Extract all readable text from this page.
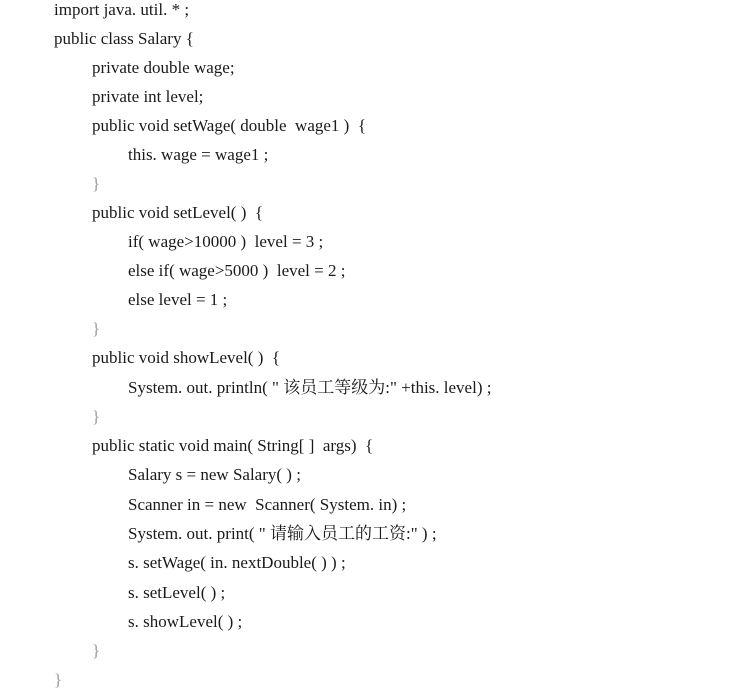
import java. util. * ;
public class Salary {
private double wage;
private int level;
public void setWage( double  wage1 )  {
this. wage = wage1 ;
}
public void setLevel( )  {
if( wage>10000 )  level = 3 ;
else if( wage>5000 )  level = 2 ;
else level = 1 ;
}
public void showLevel( )  {
System. out. println( " 该员工等级为:" +this. level) ;
}
public static void main( String[ ]  args)  {
Salary s = new Salary( ) ;
Scanner in = new  Scanner( System. in) ;
System. out. print( " 请输入员工的工资:" ) ;
s. setWage( in. nextDouble( ) ) ;
s. setLevel( ) ;
s. showLevel( ) ;
}
}
